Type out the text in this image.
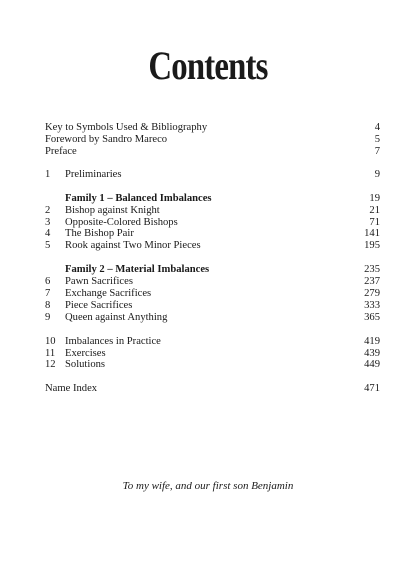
Contents
Key to Symbols Used & Bibliography	4
Foreword by Sandro Mareco	5
Preface	7
1	Preliminaries	9
Family 1 – Balanced Imbalances	19
2	Bishop against Knight	21
3	Opposite-Colored Bishops	71
4	The Bishop Pair	141
5	Rook against Two Minor Pieces	195
Family 2 – Material Imbalances	235
6	Pawn Sacrifices	237
7	Exchange Sacrifices	279
8	Piece Sacrifices	333
9	Queen against Anything	365
10 Imbalances in Practice	419
11 Exercises	439
12 Solutions	449
Name Index	471
To my wife, and our first son Benjamin
